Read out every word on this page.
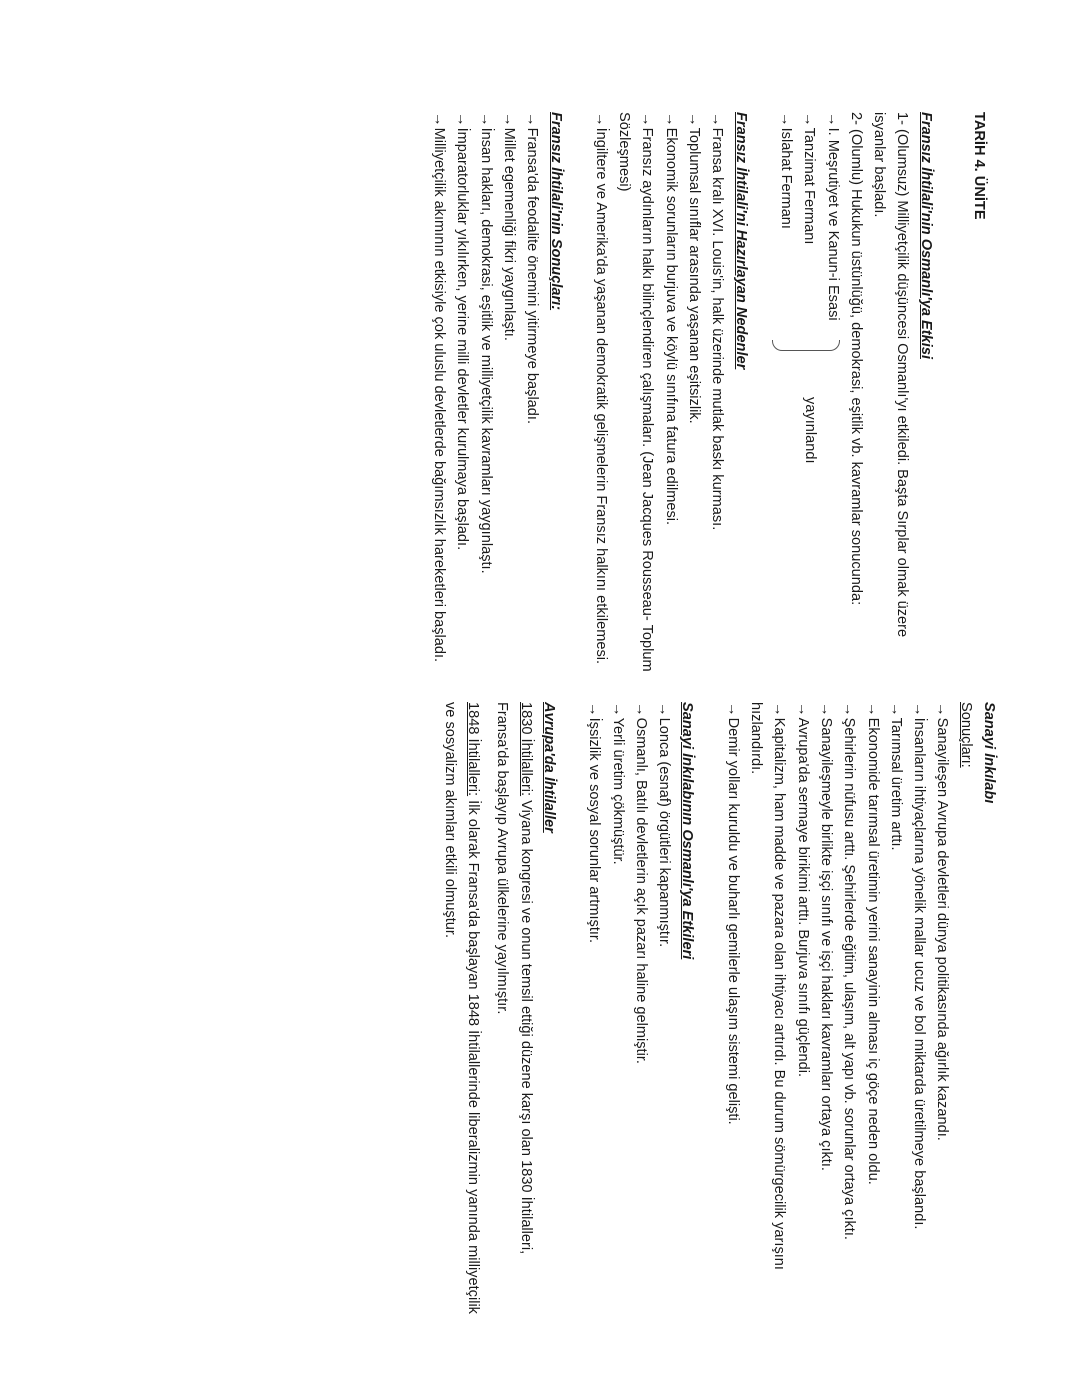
TARİH 4. ÜNİTE
Fransız İhtilali'nin Osmanlı'ya Etkisi
1- (Olumsuz) Milliyetçilik düşüncesi Osmanlı'yı etkiledi. Başta Sırplar olmak üzere isyanlar başladı.
2- (Olumlu) Hukukun üstünlüğü, demokrasi, eşitlik vb. kavramlar sonucunda:
→I. Meşrutiyet ve Kanun-i Esasi
→Tanzimat Fermanı
→Islahat Fermanı
yayınlandı
Fransız İhtilali'ni Hazırlayan Nedenler
→Fransa kralı XVI. Louis'in, halk üzerinde mutlak baskı kurması.
→Toplumsal sınıflar arasında yaşanan eşitsizlik.
→Ekonomik sorunların burjuva ve köylü sınıfına fatura edilmesi.
→Fransız aydınların halkı bilinçlendiren çalışmaları. (Jean Jacques Rousseau- Toplum Sözleşmesi)
→İngiltere ve Amerika'da yaşanan demokratik gelişmelerin Fransız halkını etkilemesi.
Fransız İhtilali'nin Sonuçları:
→Fransa'da feodalite önemini yitirmeye başladı.
→Millet egemenliği fikri yaygınlaştı.
→İnsan hakları, demokrasi, eşitlik ve milliyetçilik kavramları yaygınlaştı.
→İmparatorluklar yıkılırken, yerine milli devletler kurulmaya başladı.
→Milliyetçilik akımının etkisiyle çok uluslu devletlerde bağımsızlık hareketleri başladı.
Sanayi İnkılabı
Sonuçları:
→Sanayileşen Avrupa devletleri dünya politikasında ağırlık kazandı.
→İnsanların ihtiyaçlarına yönelik mallar ucuz ve bol miktarda üretilmeye başlandı.
→Tarımsal üretim arttı.
→Ekonomide tarımsal üretimin yerini sanayinin alması iç göçe neden oldu.
→Şehirlerin nüfusu arttı. Şehirlerde eğitim, ulaşım, alt yapı vb. sorunlar ortaya çıktı.
→Sanayileşmeyle birlikte işçi sınıfı ve işçi hakları kavramları ortaya çıktı.
→Avrupa'da sermaye birikimi arttı. Burjuva sınıfı güçlendi.
→Kapitalizm, ham madde ve pazara olan ihtiyacı artırdı. Bu durum sömürgecilik yarışını hızlandırdı.
→Demir yolları kuruldu ve buharlı gemilerle ulaşım sistemi gelişti.
Sanayi İnkılabının Osmanlı'ya Etkileri
→Lonca (esnaf) örgütleri kapanmıştır.
→Osmanlı, Batılı devletlerin açık pazarı haline gelmiştir.
→Yerli üretim çökmüştür.
→İşsizlik ve sosyal sorunlar artmıştır.
Avrupa'da İhtilaller
1830 İhtilalleri: Viyana kongresi ve onun temsil ettiği düzene karşı olan 1830 İhtilalleri, Fransa'da başlayıp Avrupa ülkelerine yayılmıştır.
1848 İhtilalleri: İlk olarak Fransa'da başlayan 1848 İhtilallerinde liberalizmin yanında milliyetçilik ve sosyalizm akımları etkili olmuştur.
